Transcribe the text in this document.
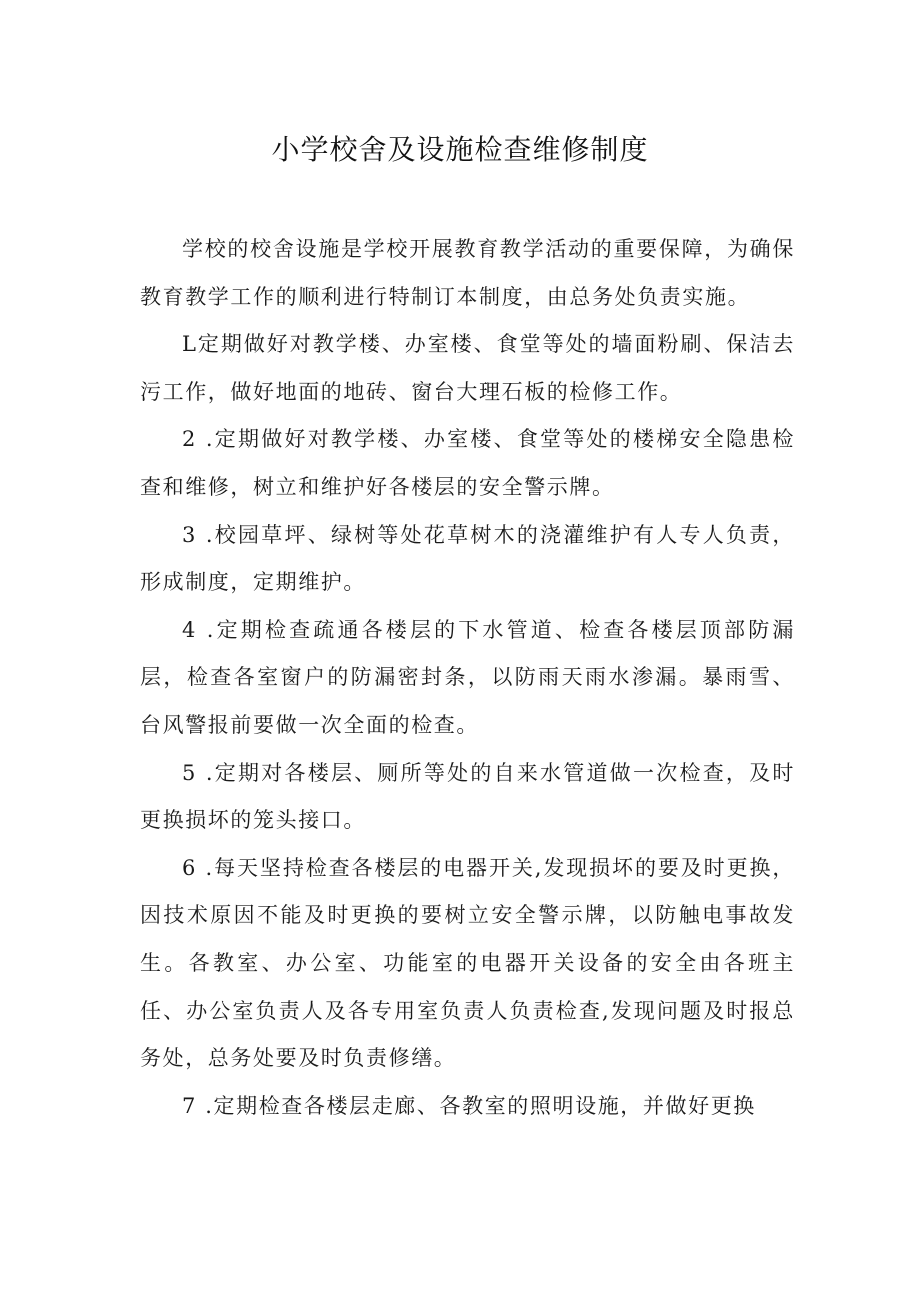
小学校舍及设施检查维修制度

学校的校舍设施是学校开展教育教学活动的重要保障，为确保教育教学工作的顺利进行特制订本制度，由总务处负责实施。

L定期做好对教学楼、办室楼、食堂等处的墙面粉刷、保洁去污工作，做好地面的地砖、窗台大理石板的检修工作。

2 .定期做好对教学楼、办室楼、食堂等处的楼梯安全隐患检查和维修，树立和维护好各楼层的安全警示牌。

3 .校园草坪、绿树等处花草树木的浇灌维护有人专人负责，形成制度，定期维护。

4 .定期检查疏通各楼层的下水管道、检查各楼层顶部防漏层，检查各室窗户的防漏密封条，以防雨天雨水渗漏。暴雨雪、台风警报前要做一次全面的检查。

5 .定期对各楼层、厕所等处的自来水管道做一次检查，及时更换损坏的笼头接口。

6 .每天坚持检查各楼层的电器开关,发现损坏的要及时更换，因技术原因不能及时更换的要树立安全警示牌，以防触电事故发生。各教室、办公室、功能室的电器开关设备的安全由各班主任、办公室负责人及各专用室负责人负责检查,发现问题及时报总务处，总务处要及时负责修缮。

7 .定期检查各楼层走廊、各教室的照明设施，并做好更换
